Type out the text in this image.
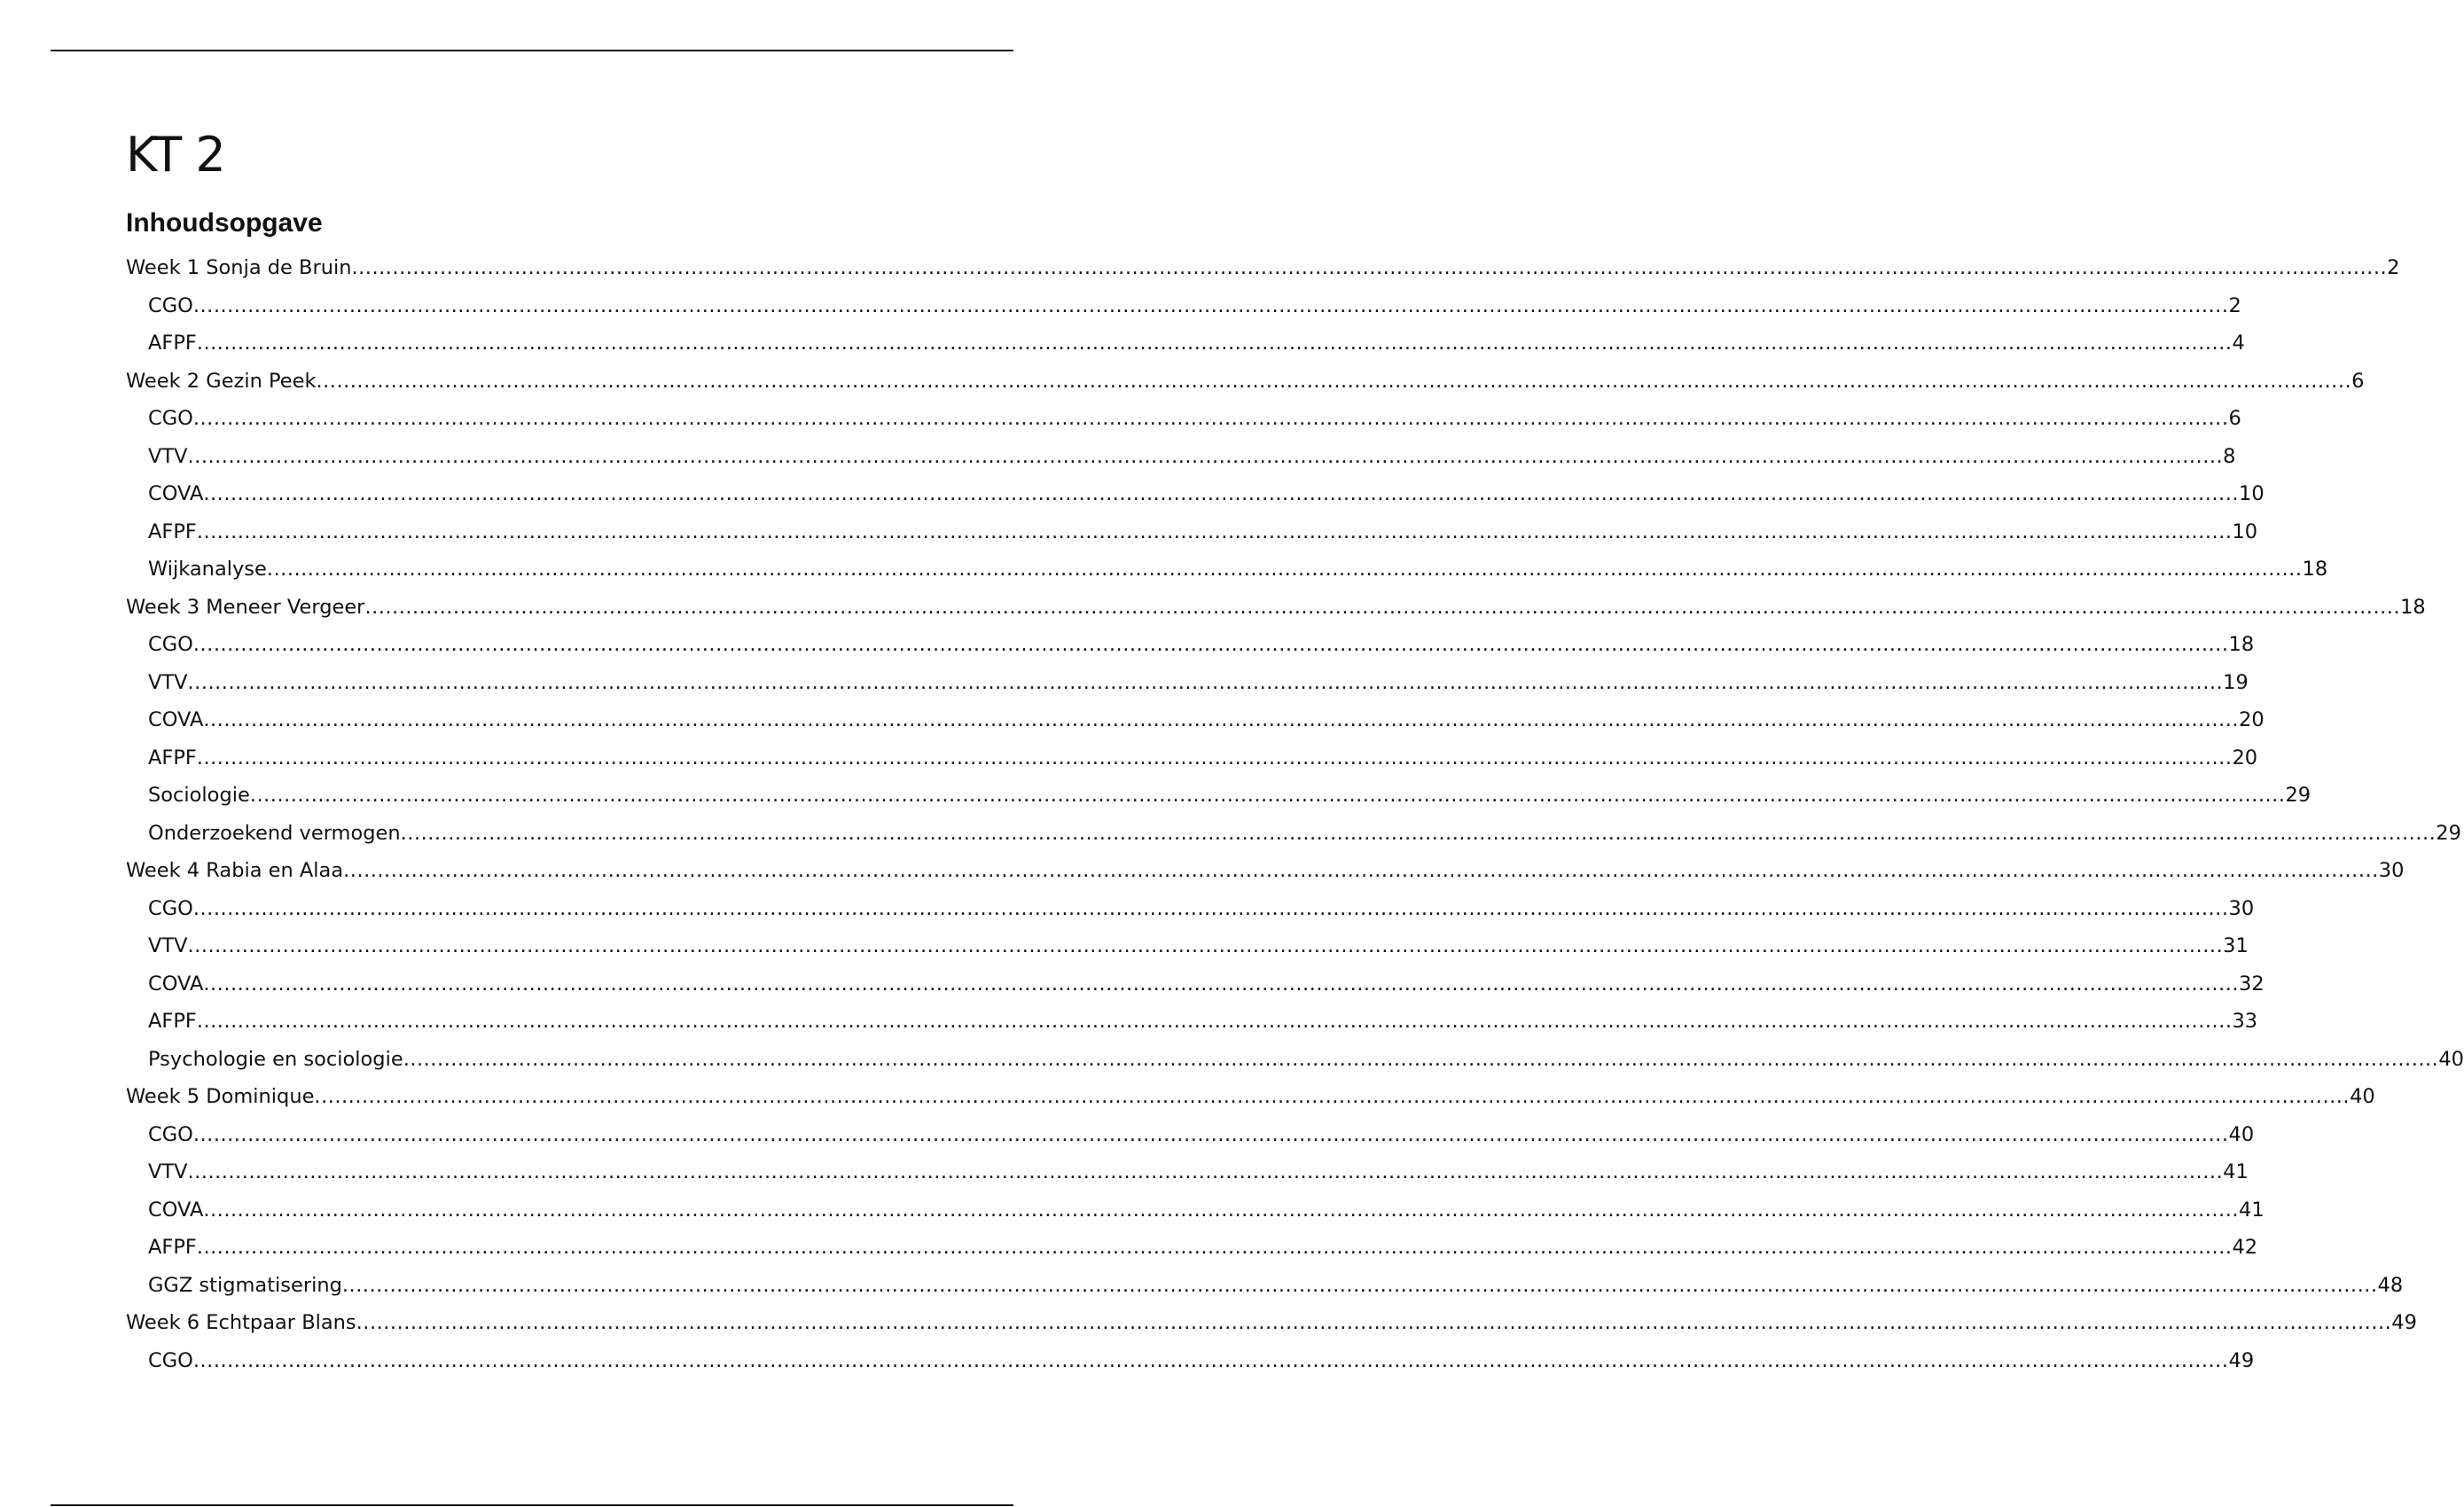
KT 2
Inhoudsopgave
Week 1 Sonja de Bruin ............................................................................................................................................................................................................................................................................................................ 2
CGO ............................................................................................................................................................................................................................................................................................................ 2
AFPF ............................................................................................................................................................................................................................................................................................................ 4
Week 2 Gezin Peek ............................................................................................................................................................................................................................................................................................................ 6
CGO ............................................................................................................................................................................................................................................................................................................ 6
VTV ............................................................................................................................................................................................................................................................................................................ 8
COVA ............................................................................................................................................................................................................................................................................................................ 10
AFPF ............................................................................................................................................................................................................................................................................................................ 10
Wijkanalyse ............................................................................................................................................................................................................................................................................................................ 18
Week 3 Meneer Vergeer ............................................................................................................................................................................................................................................................................................................ 18
CGO ............................................................................................................................................................................................................................................................................................................ 18
VTV ............................................................................................................................................................................................................................................................................................................ 19
COVA ............................................................................................................................................................................................................................................................................................................ 20
AFPF ............................................................................................................................................................................................................................................................................................................ 20
Sociologie ............................................................................................................................................................................................................................................................................................................ 29
Onderzoekend vermogen ............................................................................................................................................................................................................................................................................................................ 29
Week 4 Rabia en Alaa ............................................................................................................................................................................................................................................................................................................ 30
CGO ............................................................................................................................................................................................................................................................................................................ 30
VTV ............................................................................................................................................................................................................................................................................................................ 31
COVA ............................................................................................................................................................................................................................................................................................................ 32
AFPF ............................................................................................................................................................................................................................................................................................................ 33
Psychologie en sociologie ............................................................................................................................................................................................................................................................................................................ 40
Week 5 Dominique ............................................................................................................................................................................................................................................................................................................ 40
CGO ............................................................................................................................................................................................................................................................................................................ 40
VTV ............................................................................................................................................................................................................................................................................................................ 41
COVA ............................................................................................................................................................................................................................................................................................................ 41
AFPF ............................................................................................................................................................................................................................................................................................................ 42
GGZ stigmatisering ............................................................................................................................................................................................................................................................................................................ 48
Week 6 Echtpaar Blans ............................................................................................................................................................................................................................................................................................................ 49
CGO ............................................................................................................................................................................................................................................................................................................ 49
